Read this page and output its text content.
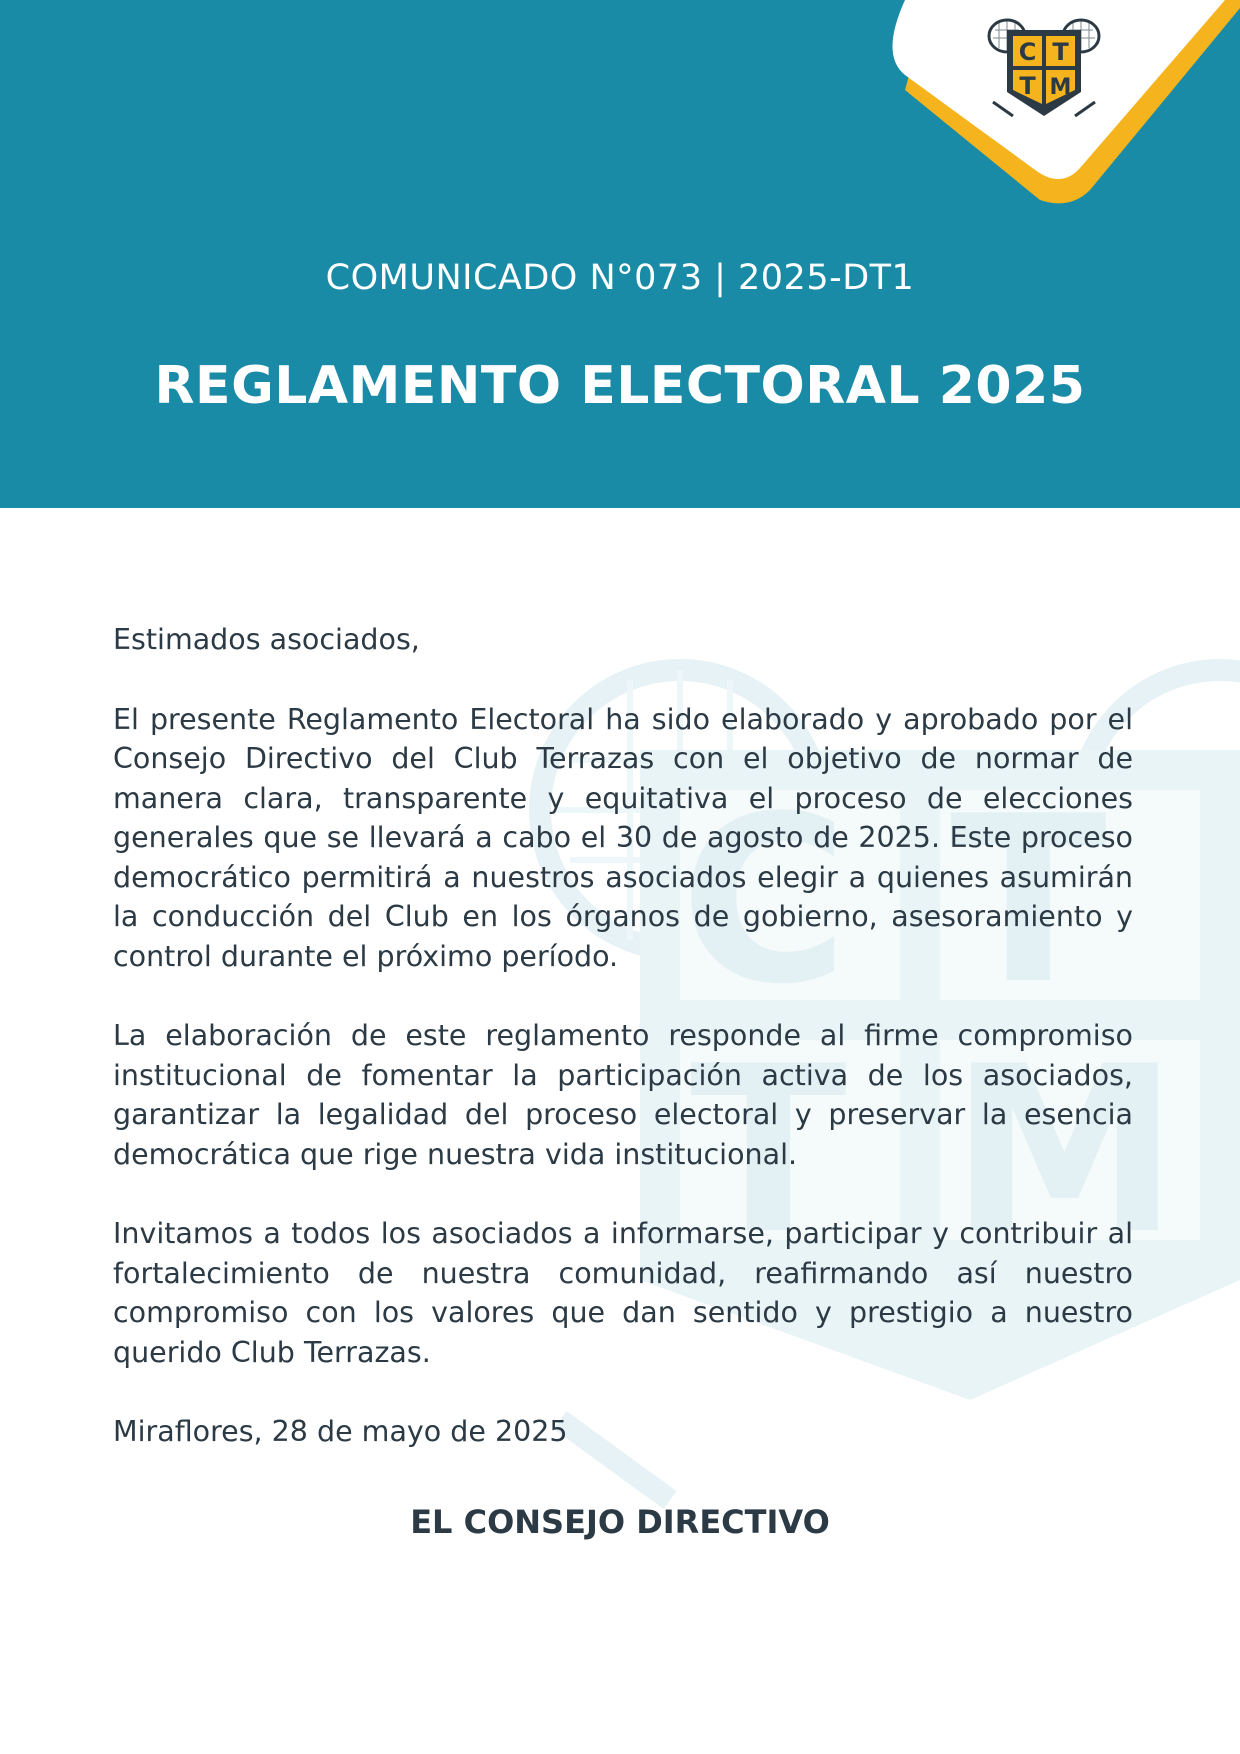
C T
T M
COMUNICADO N°073 | 2025-DT1
REGLAMENTO ELECTORAL 2025
C T
T M
Estimados asociados,

El presente Reglamento Electoral ha sido elaborado y aprobado por el Consejo Directivo del Club Terrazas con el objetivo de normar de manera clara, transparente y equitativa el proceso de elecciones generales que se llevará a cabo el 30 de agosto de 2025. Este proceso democrático permitirá a nuestros asociados elegir a quienes asumirán la conducción del Club en los órganos de gobierno, asesoramiento y control durante el próximo período.

La elaboración de este reglamento responde al firme compromiso institucional de fomentar la participación activa de los asociados, garantizar la legalidad del proceso electoral y preservar la esencia democrática que rige nuestra vida institucional.

Invitamos a todos los asociados a informarse, participar y contribuir al fortalecimiento de nuestra comunidad, reafirmando así nuestro compromiso con los valores que dan sentido y prestigio a nuestro querido Club Terrazas.

Miraflores, 28 de mayo de 2025
EL CONSEJO DIRECTIVO
